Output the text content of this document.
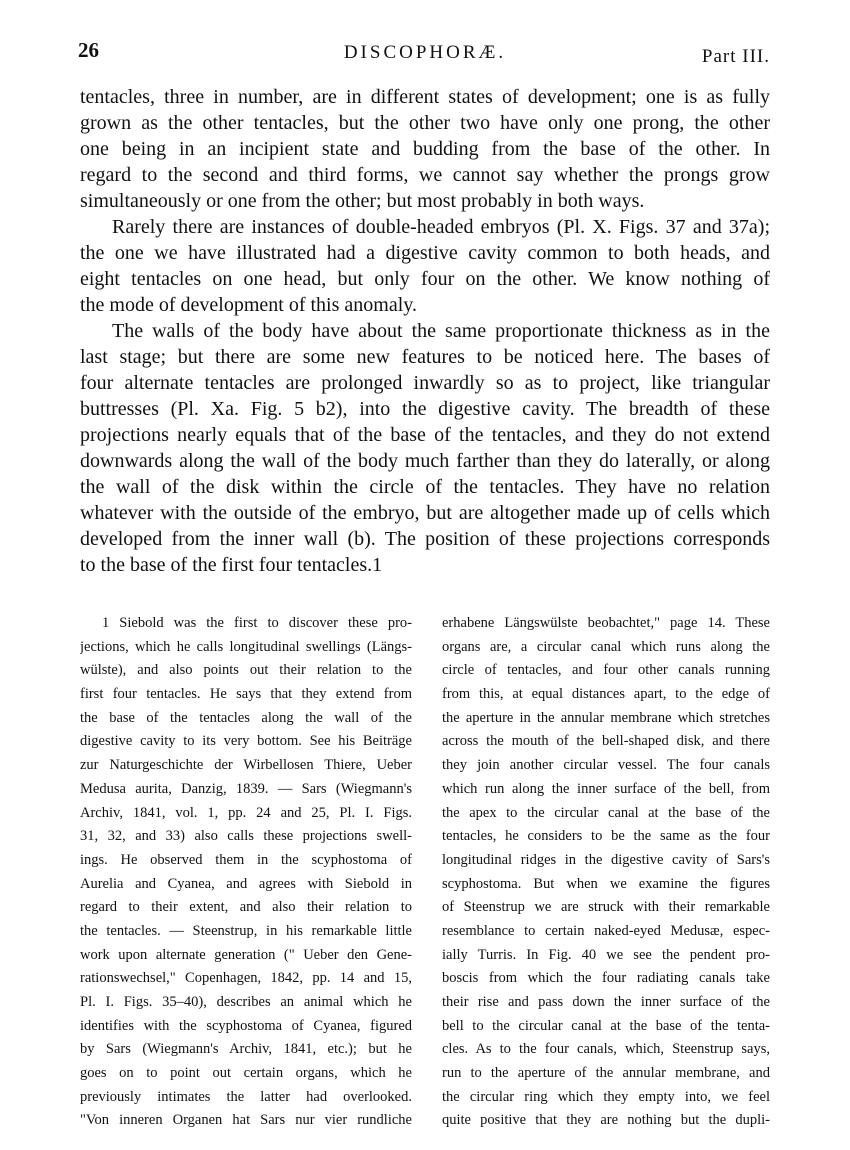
26	DISCOPHORÆ.	Part III.
tentacles, three in number, are in different states of development; one is as fully
grown as the other tentacles, but the other two have only one prong, the other
one being in an incipient state and budding from the base of the other. In
regard to the second and third forms, we cannot say whether the prongs grow
simultaneously or one from the other; but most probably in both ways.
Rarely there are instances of double-headed embryos (Pl. X. Figs. 37 and 37a);
the one we have illustrated had a digestive cavity common to both heads, and
eight tentacles on one head, but only four on the other. We know nothing of
the mode of development of this anomaly.
The walls of the body have about the same proportionate thickness as in the
last stage; but there are some new features to be noticed here. The bases of
four alternate tentacles are prolonged inwardly so as to project, like triangular
buttresses (Pl. Xa. Fig. 5 b2), into the digestive cavity. The breadth of these
projections nearly equals that of the base of the tentacles, and they do not extend
downwards along the wall of the body much farther than they do laterally, or along
the wall of the disk within the circle of the tentacles. They have no relation
whatever with the outside of the embryo, but are altogether made up of cells which
developed from the inner wall (b). The position of these projections corresponds
to the base of the first four tentacles.1
1 Siebold was the first to discover these pro-
jections, which he calls longitudinal swellings (Längs-
wülste), and also points out their relation to the
first four tentacles. He says that they extend from
the base of the tentacles along the wall of the
digestive cavity to its very bottom. See his Beiträge
zur Naturgeschichte der Wirbellosen Thiere, Ueber
Medusa aurita, Danzig, 1839. — Sars (Wiegmann's
Archiv, 1841, vol. 1, pp. 24 and 25, Pl. I. Figs.
31, 32, and 33) also calls these projections swell-
ings. He observed them in the scyphostoma of
Aurelia and Cyanea, and agrees with Siebold in
regard to their extent, and also their relation to
the tentacles. — Steenstrup, in his remarkable little
work upon alternate generation (" Ueber den Gene-
rationswechsel," Copenhagen, 1842, pp. 14 and 15,
Pl. I. Figs. 35–40), describes an animal which he
identifies with the scyphostoma of Cyanea, figured
by Sars (Wiegmann's Archiv, 1841, etc.); but he
goes on to point out certain organs, which he
previously intimates the latter had overlooked.
"Von inneren Organen hat Sars nur vier rundliche
erhabene Längswülste beobachtet," page 14. These
organs are, a circular canal which runs along the
circle of tentacles, and four other canals running
from this, at equal distances apart, to the edge of
the aperture in the annular membrane which stretches
across the mouth of the bell-shaped disk, and there
they join another circular vessel. The four canals
which run along the inner surface of the bell, from
the apex to the circular canal at the base of the
tentacles, he considers to be the same as the four
longitudinal ridges in the digestive cavity of Sars's
scyphostoma. But when we examine the figures
of Steenstrup we are struck with their remarkable
resemblance to certain naked-eyed Medusæ, espec-
ially Turris. In Fig. 40 we see the pendent pro-
boscis from which the four radiating canals take
their rise and pass down the inner surface of the
bell to the circular canal at the base of the tenta-
cles. As to the four canals, which, Steenstrup says,
run to the aperture of the annular membrane, and
the circular ring which they empty into, we feel
quite positive that they are nothing but the dupli-
